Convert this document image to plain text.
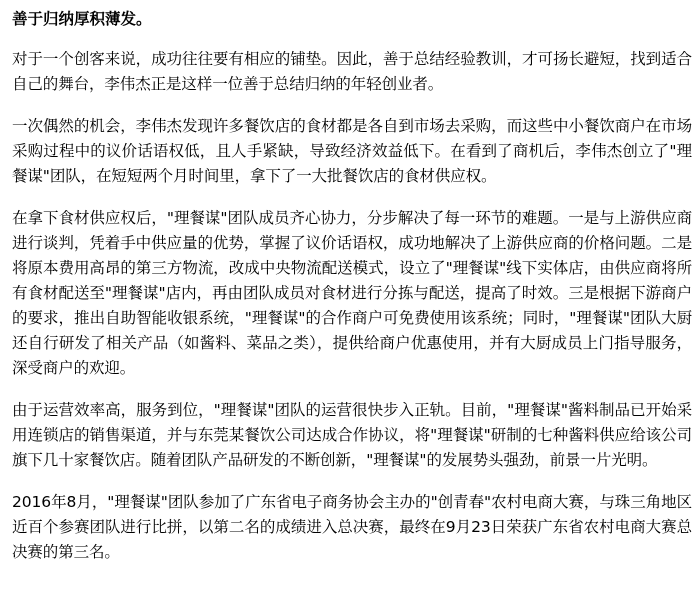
善于归纳厚积薄发。

对于一个创客来说，成功往往要有相应的铺垫。因此，善于总结经验教训，才可扬长避短，找到适合自己的舞台，李伟杰正是这样一位善于总结归纳的年轻创业者。

一次偶然的机会，李伟杰发现许多餐饮店的食材都是各自到市场去采购，而这些中小餐饮商户在市场采购过程中的议价话语权低，且人手紧缺，导致经济效益低下。在看到了商机后，李伟杰创立了"理餐谋"团队，在短短两个月时间里，拿下了一大批餐饮店的食材供应权。

在拿下食材供应权后，"理餐谋"团队成员齐心协力，分步解决了每一环节的难题。一是与上游供应商进行谈判，凭着手中供应量的优势，掌握了议价话语权，成功地解决了上游供应商的价格问题。二是将原本费用高昂的第三方物流，改成中央物流配送模式，设立了"理餐谋"线下实体店，由供应商将所有食材配送至"理餐谋"店内，再由团队成员对食材进行分拣与配送，提高了时效。三是根据下游商户的要求，推出自助智能收银系统，"理餐谋"的合作商户可免费使用该系统；同时，"理餐谋"团队大厨还自行研发了相关产品（如酱料、菜品之类），提供给商户优惠使用，并有大厨成员上门指导服务，深受商户的欢迎。

由于运营效率高，服务到位，"理餐谋"团队的运营很快步入正轨。目前，"理餐谋"酱料制品已开始采用连锁店的销售渠道，并与东莞某餐饮公司达成合作协议，将"理餐谋"研制的七种酱料供应给该公司旗下几十家餐饮店。随着团队产品研发的不断创新，"理餐谋"的发展势头强劲，前景一片光明。

2016年8月，"理餐谋"团队参加了广东省电子商务协会主办的"创青春"农村电商大赛，与珠三角地区近百个参赛团队进行比拼，以第二名的成绩进入总决赛，最终在9月23日荣获广东省农村电商大赛总决赛的第三名。
